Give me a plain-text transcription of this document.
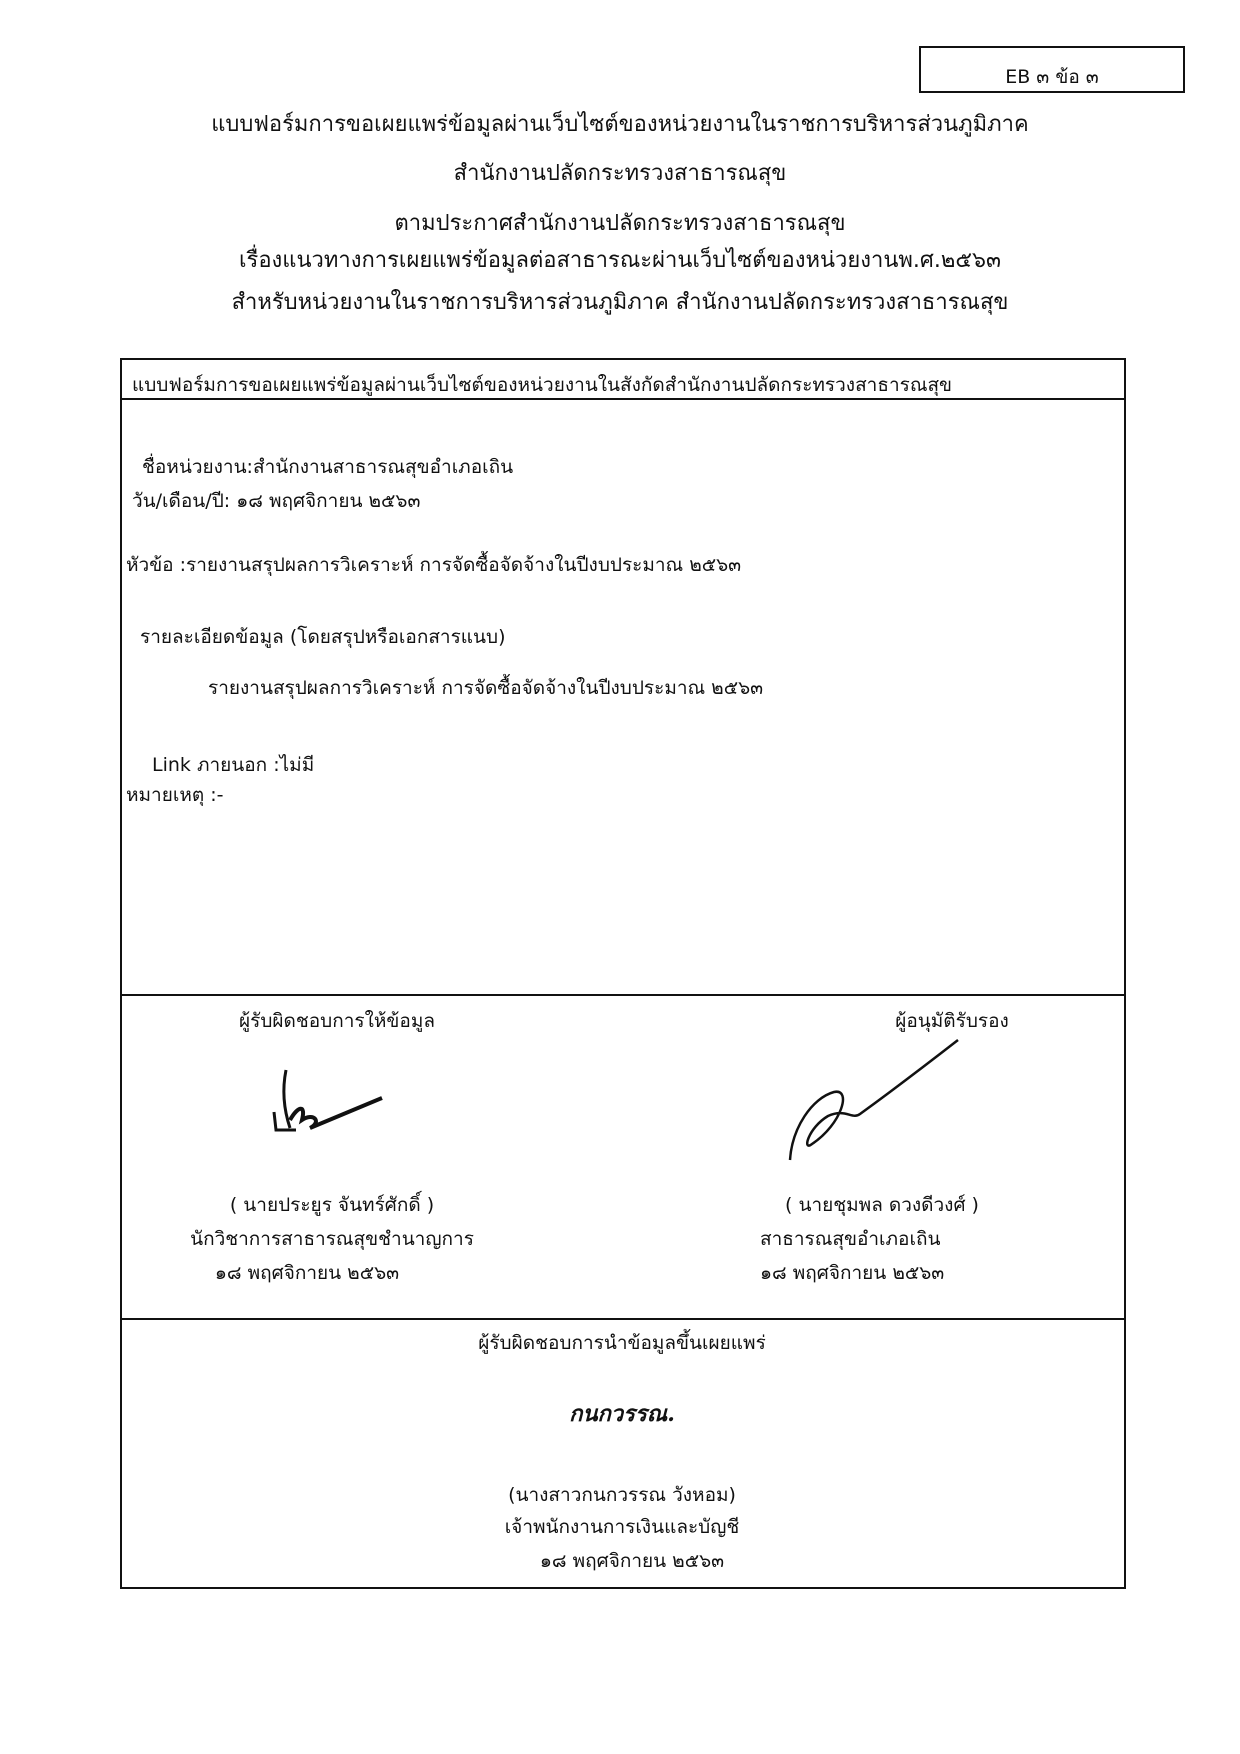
EB ๓ ข้อ ๓
แบบฟอร์มการขอเผยแพร่ข้อมูลผ่านเว็บไซต์ของหน่วยงานในราชการบริหารส่วนภูมิภาค
สำนักงานปลัดกระทรวงสาธารณสุข
ตามประกาศสำนักงานปลัดกระทรวงสาธารณสุข
เรื่องแนวทางการเผยแพร่ข้อมูลต่อสาธารณะผ่านเว็บไซต์ของหน่วยงานพ.ศ.๒๕๖๓
สำหรับหน่วยงานในราชการบริหารส่วนภูมิภาค สำนักงานปลัดกระทรวงสาธารณสุข
แบบฟอร์มการขอเผยแพร่ข้อมูลผ่านเว็บไซต์ของหน่วยงานในสังกัดสำนักงานปลัดกระทรวงสาธารณสุข
ชื่อหน่วยงาน:สำนักงานสาธารณสุขอำเภอเถิน
วัน/เดือน/ปี: ๑๘ พฤศจิกายน ๒๕๖๓
หัวข้อ :รายงานสรุปผลการวิเคราะห์ การจัดซื้อจัดจ้างในปีงบประมาณ ๒๕๖๓
รายละเอียดข้อมูล (โดยสรุปหรือเอกสารแนบ)
รายงานสรุปผลการวิเคราะห์ การจัดซื้อจัดจ้างในปีงบประมาณ ๒๕๖๓
Link ภายนอก :ไม่มี
หมายเหตุ :-
ผู้รับผิดชอบการให้ข้อมูล
( นายประยูร จันทร์ศักดิ์ )
นักวิชาการสาธารณสุขชำนาญการ
๑๘ พฤศจิกายน ๒๕๖๓
ผู้อนุมัติรับรอง
( นายชุมพล ดวงดีวงศ์ )
สาธารณสุขอำเภอเถิน
๑๘ พฤศจิกายน ๒๕๖๓
ผู้รับผิดชอบการนำข้อมูลขึ้นเผยแพร่
กนกวรรณ.
(นางสาวกนกวรรณ วังหอม)
เจ้าพนักงานการเงินและบัญชี
๑๘ พฤศจิกายน ๒๕๖๓
